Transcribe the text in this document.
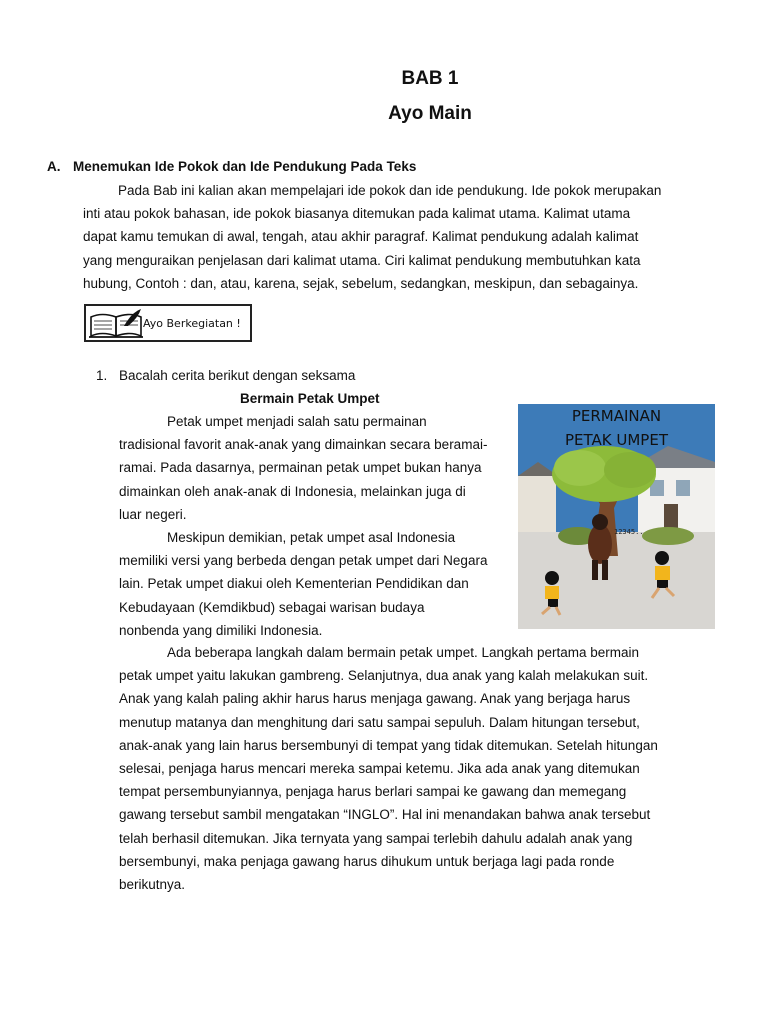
BAB 1
Ayo Main
A. Menemukan Ide Pokok dan Ide Pendukung Pada Teks
Pada Bab ini kalian akan mempelajari ide pokok dan ide pendukung. Ide pokok merupakan
inti atau pokok bahasan, ide pokok biasanya ditemukan pada kalimat utama. Kalimat utama
dapat kamu temukan di awal, tengah, atau akhir paragraf. Kalimat pendukung adalah kalimat
yang menguraikan penjelasan dari kalimat utama. Ciri kalimat pendukung membutuhkan kata
hubung, Contoh : dan, atau, karena, sejak, sebelum, sedangkan, meskipun, dan sebagainya.
Ayo Berkegiatan !
1. Bacalah cerita berikut dengan seksama
Bermain Petak Umpet
Petak umpet menjadi salah satu permainan
tradisional favorit anak-anak yang dimainkan secara beramai-
ramai. Pada dasarnya, permainan petak umpet bukan hanya
dimainkan oleh anak-anak di Indonesia, melainkan juga di
luar negeri.
Meskipun demikian, petak umpet asal Indonesia
memiliki versi yang berbeda dengan petak umpet dari Negara
lain. Petak umpet diakui oleh Kementerian Pendidikan dan
Kebudayaan (Kemdikbud) sebagai warisan budaya
nonbenda yang dimiliki Indonesia.
Ada beberapa langkah dalam bermain petak umpet. Langkah pertama bermain
petak umpet yaitu lakukan gambreng. Selanjutnya, dua anak yang kalah melakukan suit.
Anak yang kalah paling akhir harus harus menjaga gawang. Anak yang berjaga harus
menutup matanya dan menghitung dari satu sampai sepuluh. Dalam hitungan tersebut,
anak-anak yang lain harus bersembunyi di tempat yang tidak ditemukan. Setelah hitungan
selesai, penjaga harus mencari mereka sampai ketemu. Jika ada anak yang ditemukan
tempat persembunyiannya, penjaga harus berlari sampai ke gawang dan memegang
gawang tersebut sambil mengatakan “INGLO”. Hal ini menandakan bahwa anak tersebut
telah berhasil ditemukan. Jika ternyata yang sampai terlebih dahulu adalah anak yang
bersembunyi, maka penjaga gawang harus dihukum untuk berjaga lagi pada ronde
berikutnya.
PERMAINAN
PETAK UMPET
12345..
